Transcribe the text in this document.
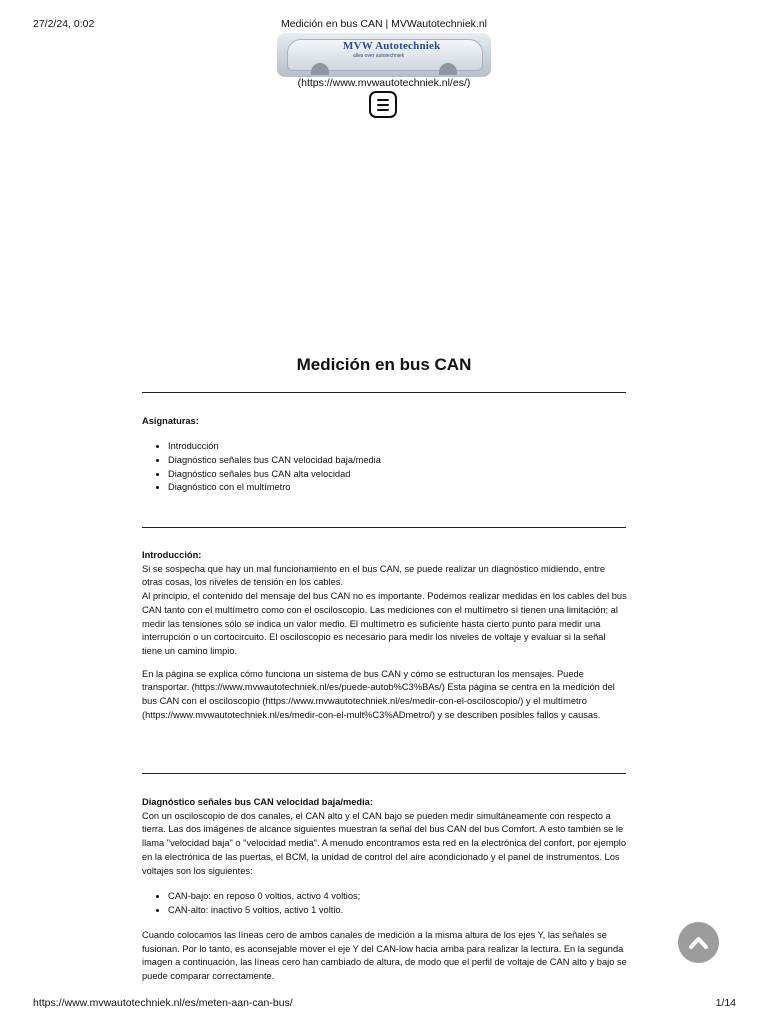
27/2/24, 0:02	Medición en bus CAN | MVWautotechniek.nl
MVW Autotechniek
alles over autotechniek
(https://www.mvwautotechniek.nl/es/)
Medición en bus CAN
Asignaturas:
• Introducción
• Diagnóstico señales bus CAN velocidad baja/media
• Diagnóstico señales bus CAN alta velocidad
• Diagnóstico con el multímetro

Introducción:

Si se sospecha que hay un mal funcionamiento en el bus CAN, se puede realizar un diagnóstico midiendo, entre otras cosas, los niveles de tensión en los cables.

Al principio, el contenido del mensaje del bus CAN no es importante. Podemos realizar medidas en los cables del bus CAN tanto con el multímetro como con el osciloscopio. Las mediciones con el multímetro sí tienen una limitación; al medir las tensiones sólo se indica un valor medio. El multímetro es suficiente hasta cierto punto para medir una interrupción o un cortocircuito. El osciloscopio es necesario para medir los niveles de voltaje y evaluar si la señal tiene un camino limpio.

En la página se explica cómo funciona un sistema de bus CAN y cómo se estructuran los mensajes. Puede transportar. (https://www.mvwautotechniek.nl/es/puede-autob%C3%BAs/) Esta página se centra en la medición del bus CAN con el osciloscopio (https://www.mvwautotechniek.nl/es/medir-con-el-osciloscopio/) y el multímetro (https://www.mvwautotechniek.nl/es/medir-con-el-mult%C3%ADmetro/) y se describen posibles fallos y causas.

Diagnóstico señales bus CAN velocidad baja/media:

Con un osciloscopio de dos canales, el CAN alto y el CAN bajo se pueden medir simultáneamente con respecto a tierra. Las dos imágenes de alcance siguientes muestran la señal del bus CAN del bus Comfort. A esto también se le llama "velocidad baja" o "velocidad media". A menudo encontramos esta red en la electrónica del confort, por ejemplo en la electrónica de las puertas, el BCM, la unidad de control del aire acondicionado y el panel de instrumentos. Los voltajes son los siguientes:

• CAN-bajo: en reposo 0 voltios, activo 4 voltios;
• CAN-alto: inactivo 5 voltios, activo 1 voltio.

Cuando colocamos las líneas cero de ambos canales de medición a la misma altura de los ejes Y, las señales se fusionan. Por lo tanto, es aconsejable mover el eje Y del CAN-low hacia arriba para realizar la lectura. En la segunda imagen a continuación, las líneas cero han cambiado de altura, de modo que el perfil de voltaje de CAN alto y bajo se puede comparar correctamente.

https://www.mvwautotechniek.nl/es/meten-aan-can-bus/	1/14
